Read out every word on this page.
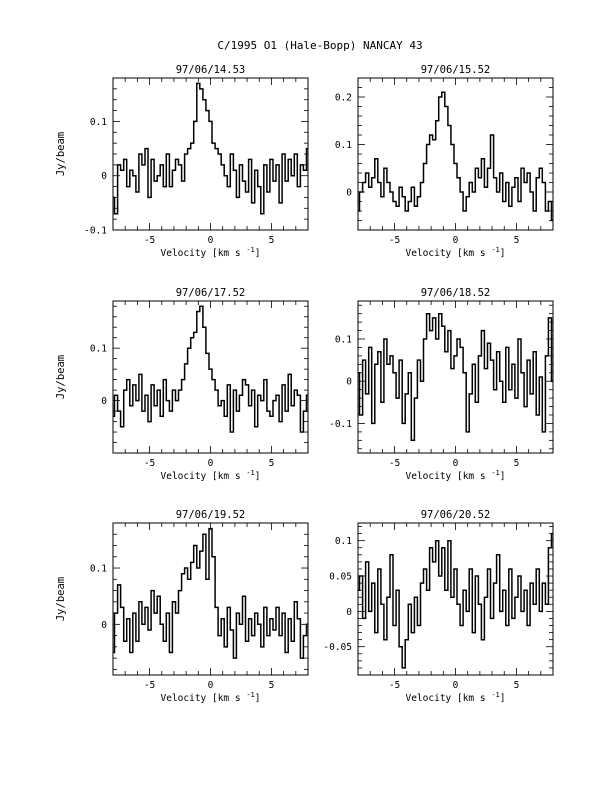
C/1995 O1 (Hale-Bopp) NANCAY 43
-5	0	5
0.1
0
-0.1
97/06/14.53
Velocity [km s $^{-1}$]
Jy/beam
-5	0	5
0.2
0.1
0
97/06/15.52
Velocity [km s $^{-1}$]
-5	0	5
0.1
0
97/06/17.52
Velocity [km s $^{-1}$]
Jy/beam
-5	0	5
0.1
0
-0.1
97/06/18.52
Velocity [km s $^{-1}$]
-5	0	5
0.1
0
97/06/19.52
Velocity [km s $^{-1}$]
Jy/beam
-5	0	5
0.1
0.05
0
-0.05
97/06/20.52
Velocity [km s $^{-1}$]
